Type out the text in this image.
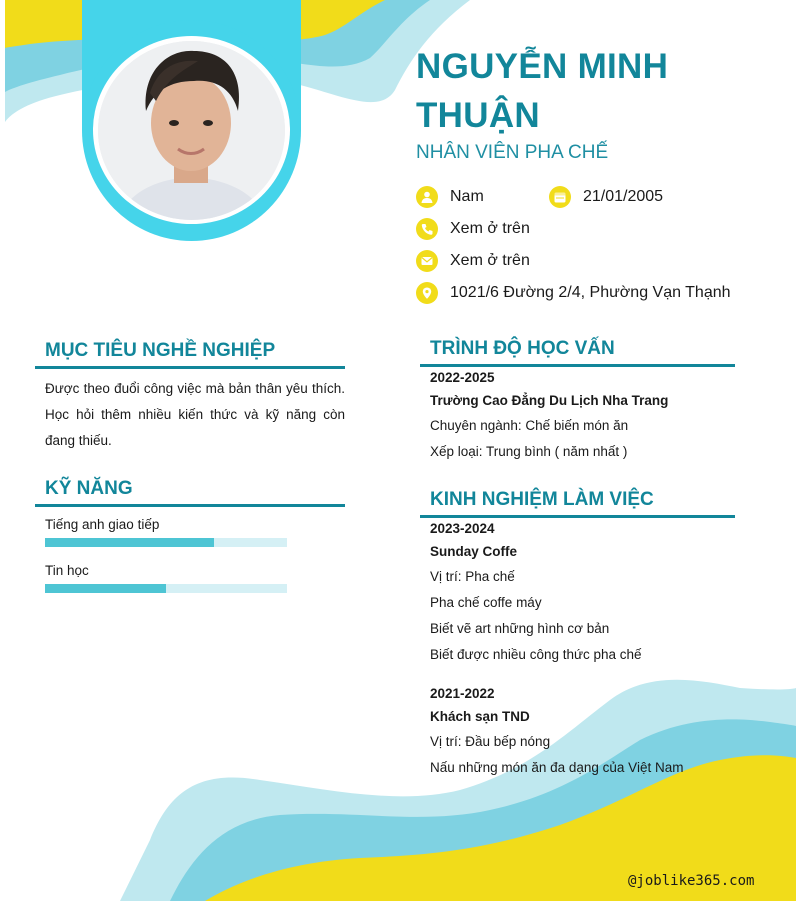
NGUYỄN MINH THUẬN
NHÂN VIÊN PHA CHẾ
Nam	21/01/2005
Xem ở trên
Xem ở trên
1021/6 Đường 2/4, Phường Vạn Thạnh
MỤC TIÊU NGHỀ NGHIỆP
Được theo đuổi công việc mà bản thân yêu thích. Học hỏi thêm nhiều kiến thức và kỹ năng còn đang thiếu.
KỸ NĂNG
Tiếng anh giao tiếp
Tin học
TRÌNH ĐỘ HỌC VẤN
2022-2025
Trường Cao Đẳng Du Lịch Nha Trang
Chuyên ngành: Chế biến món ăn
Xếp loại: Trung bình ( năm nhất )
KINH NGHIỆM LÀM VIỆC
2023-2024
Sunday Coffe
Vị trí: Pha chế
Pha chế coffe máy
Biết vẽ art những hình cơ bản
Biết được nhiều công thức pha chế
2021-2022
Khách sạn TND
Vị trí: Đầu bếp nóng
Nấu những món ăn đa dạng của Việt Nam
@joblike365.com
